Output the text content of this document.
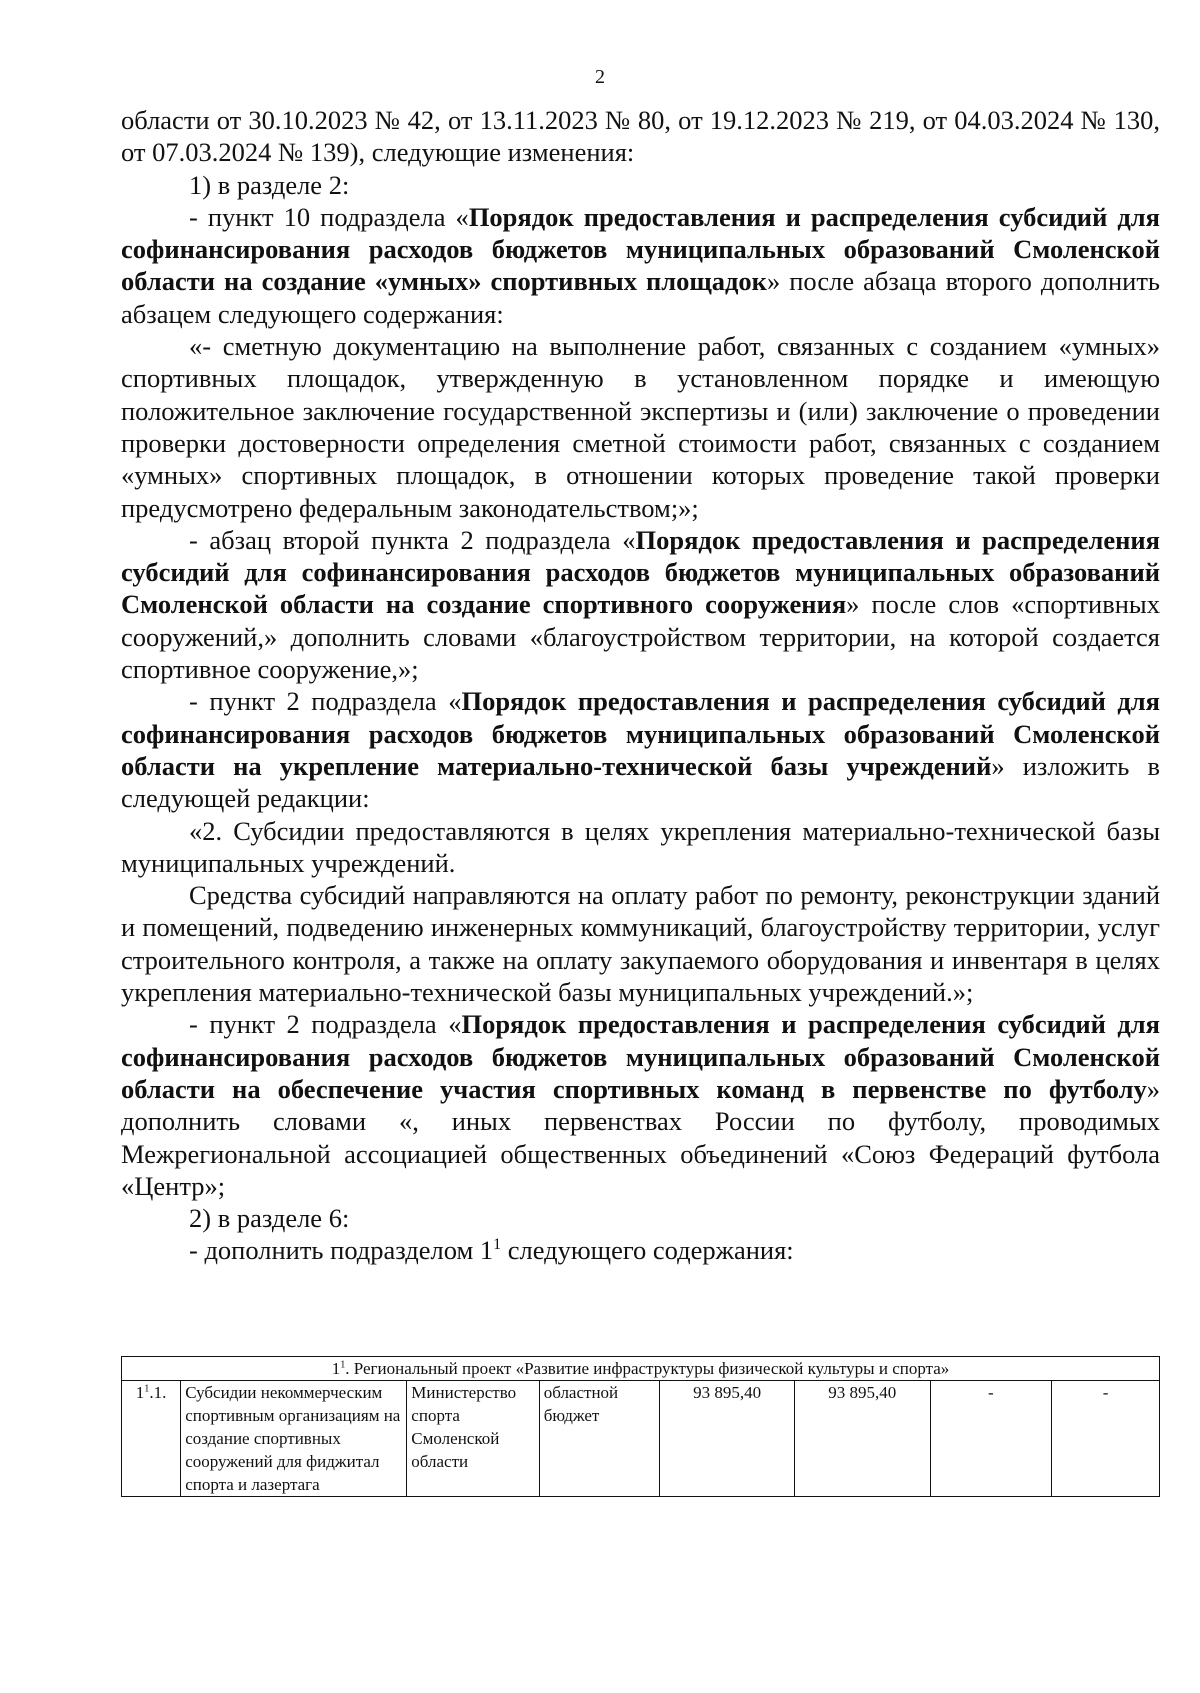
2

области от 30.10.2023 № 42, от 13.11.2023 № 80, от 19.12.2023 № 219, от 04.03.2024 № 130, от 07.03.2024 № 139), следующие изменения:

1) в разделе 2:

- пункт 10 подраздела «Порядок предоставления и распределения субсидий для софинансирования расходов бюджетов муниципальных образований Смоленской области на создание «умных» спортивных площадок» после абзаца второго дополнить абзацем следующего содержания:

«- сметную документацию на выполнение работ, связанных с созданием «умных» спортивных площадок, утвержденную в установленном порядке и имеющую положительное заключение государственной экспертизы и (или) заключение о проведении проверки достоверности определения сметной стоимости работ, связанных с созданием «умных» спортивных площадок, в отношении которых проведение такой проверки предусмотрено федеральным законодательством;»;

- абзац второй пункта 2 подраздела «Порядок предоставления и распределения субсидий для софинансирования расходов бюджетов муниципальных образований Смоленской области на создание спортивного сооружения» после слов «спортивных сооружений,» дополнить словами «благоустройством территории, на которой создается спортивное сооружение,»;

- пункт 2 подраздела «Порядок предоставления и распределения субсидий для софинансирования расходов бюджетов муниципальных образований Смоленской области на укрепление материально-технической базы учреждений» изложить в следующей редакции:

«2. Субсидии предоставляются в целях укрепления материально-технической базы муниципальных учреждений.

Средства субсидий направляются на оплату работ по ремонту, реконструкции зданий и помещений, подведению инженерных коммуникаций, благоустройству территории, услуг строительного контроля, а также на оплату закупаемого оборудования и инвентаря в целях укрепления материально-технической базы муниципальных учреждений.»;

- пункт 2 подраздела «Порядок предоставления и распределения субсидий для софинансирования расходов бюджетов муниципальных образований Смоленской области на обеспечение участия спортивных команд в первенстве по футболу» дополнить словами «, иных первенствах России по футболу, проводимых Межрегиональной ассоциацией общественных объединений «Союз Федераций футбола «Центр»;

2) в разделе 6:

- дополнить подразделом $1^1$ следующего содержания:

$1^1$. Региональный проект «Развитие инфраструктуры физической культуры и спорта»
$1^1.1$.	Субсидии некоммерческим спортивным организациям на создание спортивных сооружений для фиджитал спорта и лазертага	Министерство спорта Смоленской области	областной бюджет	93 895,40	93 895,40	-	-
